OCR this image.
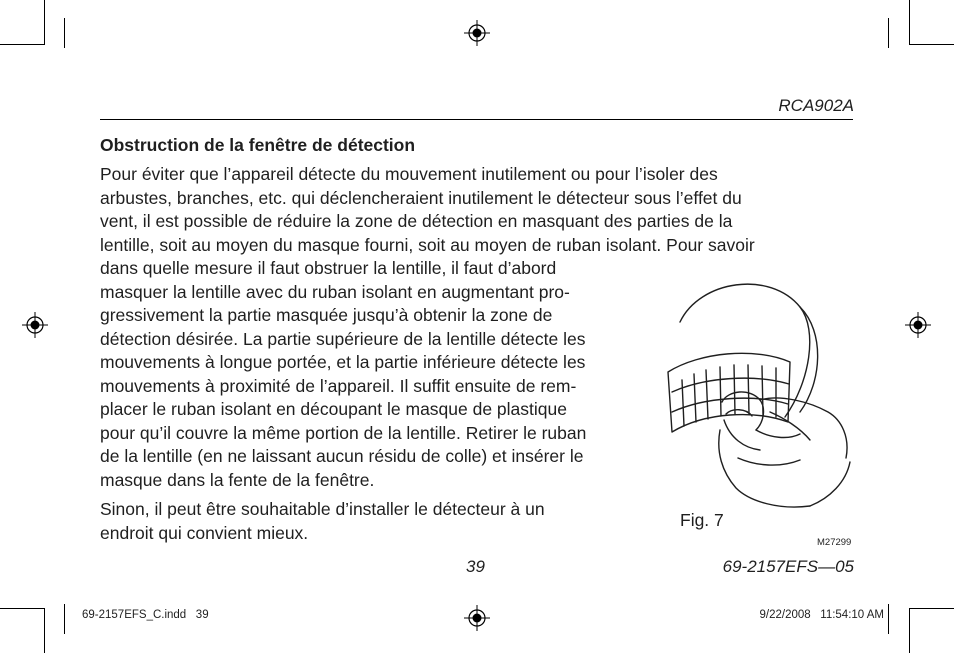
RCA902A
Obstruction de la fenêtre de détection
Pour éviter que l’appareil détecte du mouvement inutilement ou pour l’isoler des
arbustes, branches, etc. qui déclencheraient inutilement le détecteur sous l’effet du
vent, il est possible de réduire la zone de détection en masquant des parties de la
lentille, soit au moyen du masque fourni, soit au moyen de ruban isolant. Pour savoir
dans quelle mesure il faut obstruer la lentille, il faut d’abord
masquer la lentille avec du ruban isolant en augmentant pro-
gressivement la partie masquée jusqu’à obtenir la zone de
détection désirée. La partie supérieure de la lentille détecte les
mouvements à longue portée, et la partie inférieure détecte les
mouvements à proximité de l’appareil. Il suffit ensuite de rem-
placer le ruban isolant en découpant le masque de plastique
pour qu’il couvre la même portion de la lentille. Retirer le ruban
de la lentille (en ne laissant aucun résidu de colle) et insérer le
masque dans la fente de la fenêtre.
Sinon, il peut être souhaitable d’installer le détecteur à un
endroit qui convient mieux.
Fig. 7
M27299
39	69-2157EFS—05
69-2157EFS_C.indd   39	9/22/2008   11:54:10 AM
